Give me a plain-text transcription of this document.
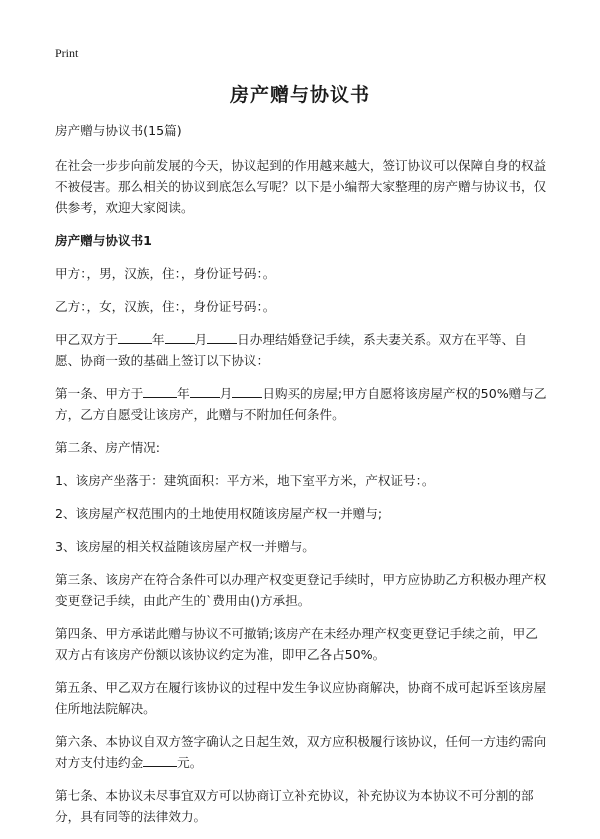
Print
房产赠与协议书

房产赠与协议书(15篇)

在社会一步步向前发展的今天，协议起到的作用越来越大，签订协议可以保障自身的权益不被侵害。那么相关的协议到底怎么写呢？以下是小编帮大家整理的房产赠与协议书，仅供参考，欢迎大家阅读。

房产赠与协议书1

甲方：，男，汉族，住：，身份证号码：。

乙方：，女，汉族，住：，身份证号码：。

甲乙双方于	年 月 日办理结婚登记手续，系夫妻关系。双方在平等、自愿、协商一致的基础上签订以下协议：

第一条、甲方于	年 月 日购买的房屋;甲方自愿将该房屋产权的50%赠与乙方，乙方自愿受让该房产，此赠与不附加任何条件。

第二条、房产情况:

1、该房产坐落于：建筑面积：平方米，地下室平方米，产权证号：。

2、该房屋产权范围内的土地使用权随该房屋产权一并赠与;

3、该房屋的相关权益随该房屋产权一并赠与。

第三条、该房产在符合条件可以办理产权变更登记手续时，甲方应协助乙方积极办理产权变更登记手续，由此产生的`费用由()方承担。

第四条、甲方承诺此赠与协议不可撤销;该房产在未经办理产权变更登记手续之前，甲乙双方占有该房产份额以该协议约定为准，即甲乙各占50%。

第五条、甲乙双方在履行该协议的过程中发生争议应协商解决，协商不成可起诉至该房屋住所地法院解决。

第六条、本协议自双方签字确认之日起生效，双方应积极履行该协议，任何一方违约需向对方支付违约金	元。

第七条、本协议未尽事宜双方可以协商订立补充协议，补充协议为本协议不可分割的部分，具有同等的法律效力。
